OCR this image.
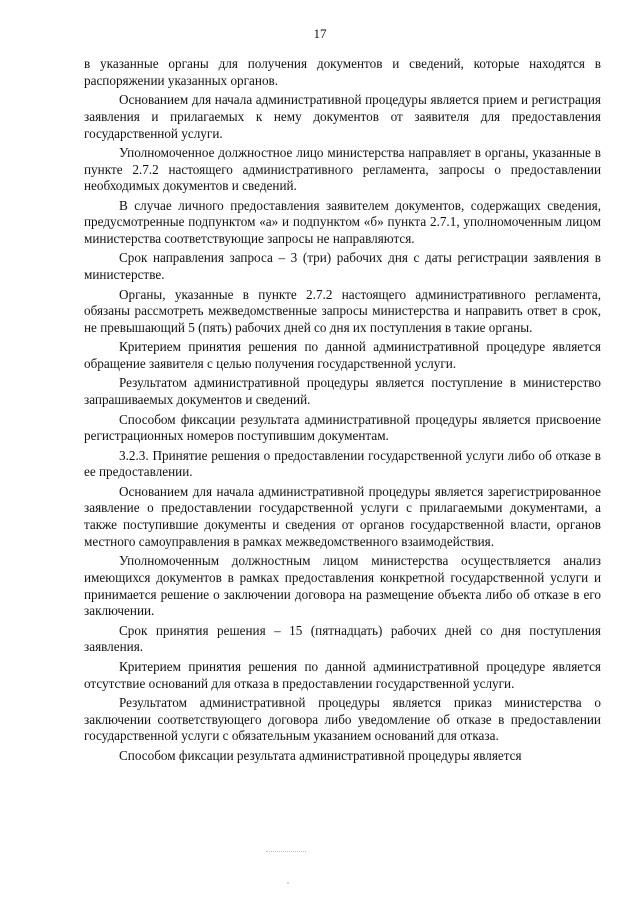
17

в указанные органы для получения документов и сведений, которые находятся в распоряжении указанных органов.

Основанием для начала административной процедуры является прием и регистрация заявления и прилагаемых к нему документов от заявителя для предоставления государственной услуги.

Уполномоченное должностное лицо министерства направляет в органы, указанные в пункте 2.7.2 настоящего административного регламента, запросы о предоставлении необходимых документов и сведений.

В случае личного предоставления заявителем документов, содержащих сведения, предусмотренные подпунктом «а» и подпунктом «б» пункта 2.7.1, уполномоченным лицом министерства соответствующие запросы не направляются.

Срок направления запроса – 3 (три) рабочих дня с даты регистрации заявления в министерстве.

Органы, указанные в пункте 2.7.2 настоящего административного регламента, обязаны рассмотреть межведомственные запросы министерства и направить ответ в срок, не превышающий 5 (пять) рабочих дней со дня их поступления в такие органы.

Критерием принятия решения по данной административной процедуре является обращение заявителя с целью получения государственной услуги.

Результатом административной процедуры является поступление в министерство запрашиваемых документов и сведений.

Способом фиксации результата административной процедуры является присвоение регистрационных номеров поступившим документам.

3.2.3. Принятие решения о предоставлении государственной услуги либо об отказе в ее предоставлении.

Основанием для начала административной процедуры является зарегистрированное заявление о предоставлении государственной услуги с прилагаемыми документами, а также поступившие документы и сведения от органов государственной власти, органов местного самоуправления в рамках межведомственного взаимодействия.

Уполномоченным должностным лицом министерства осуществляется анализ имеющихся документов в рамках предоставления конкретной государственной услуги и принимается решение о заключении договора на размещение объекта либо об отказе в его заключении.

Срок принятия решения – 15 (пятнадцать) рабочих дней со дня поступления заявления.

Критерием принятия решения по данной административной процедуре является отсутствие оснований для отказа в предоставлении государственной услуги.

Результатом административной процедуры является приказ министерства о заключении соответствующего договора либо уведомление об отказе в предоставлении государственной услуги с обязательным указанием оснований для отказа.

Способом фиксации результата административной процедуры является
